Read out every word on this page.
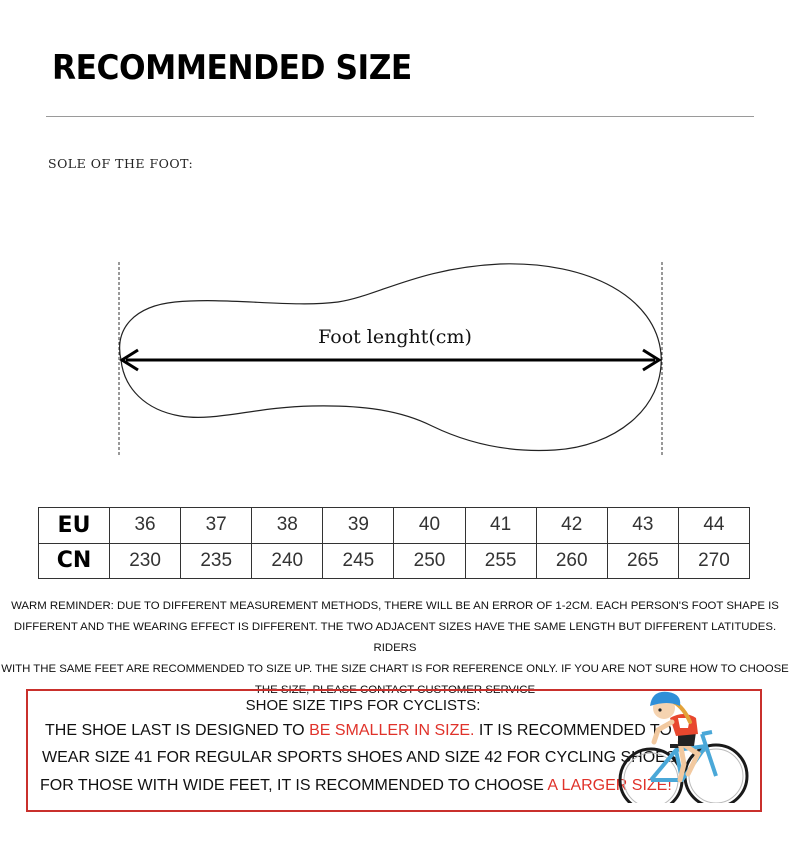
RECOMMENDED SIZE
SOLE OF THE FOOT:
Foot lenght(cm)
EU	36	37	38	39	40	41	42	43	44
CN	230	235	240	245	250	255	260	265	270
WARM REMINDER: DUE TO DIFFERENT MEASUREMENT METHODS, THERE WILL BE AN ERROR OF 1-2CM. EACH PERSON'S FOOT SHAPE IS
DIFFERENT AND THE WEARING EFFECT IS DIFFERENT. THE TWO ADJACENT SIZES HAVE THE SAME LENGTH BUT DIFFERENT LATITUDES. RIDERS
WITH THE SAME FEET ARE RECOMMENDED TO SIZE UP. THE SIZE CHART IS FOR REFERENCE ONLY. IF YOU ARE NOT SURE HOW TO CHOOSE
THE SIZE, PLEASE CONTACT CUSTOMER SERVICE
SHOE SIZE TIPS FOR CYCLISTS:
THE SHOE LAST IS DESIGNED TO BE SMALLER IN SIZE. IT IS RECOMMENDED TO
WEAR SIZE 41 FOR REGULAR SPORTS SHOES AND SIZE 42 FOR CYCLING SHOES.
FOR THOSE WITH WIDE FEET, IT IS RECOMMENDED TO CHOOSE A LARGER SIZE!
